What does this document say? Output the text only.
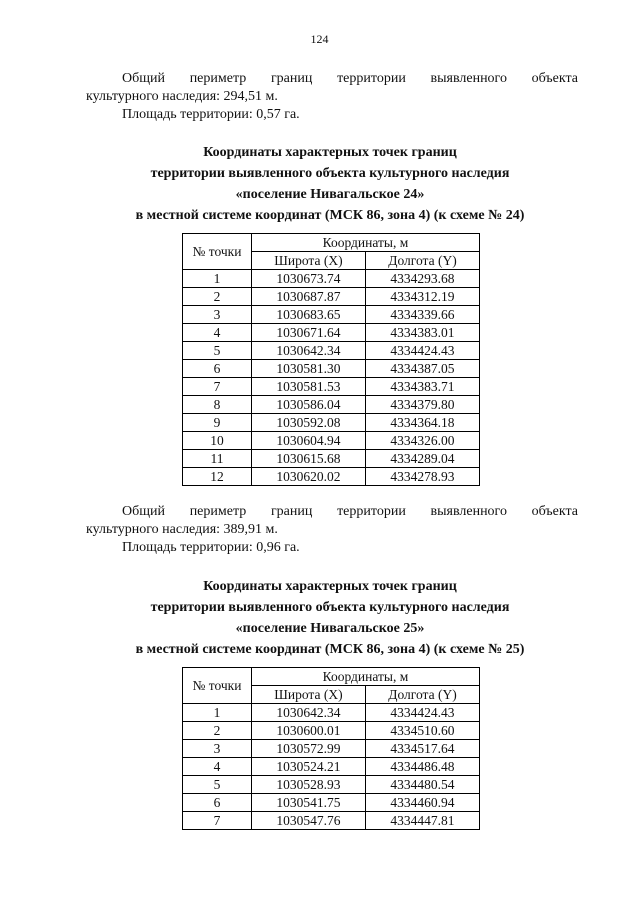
124
Общий периметр границ территории выявленного объекта
культурного наследия: 294,51 м.
Площадь территории: 0,57 га.
Координаты характерных точек границ
территории выявленного объекта культурного наследия
«поселение Нивагальское 24»
в местной системе координат (МСК 86, зона 4) (к схеме № 24)
№ точки	Координаты, м	
	Широта (X)	Долгота (Y)
1	1030673.74	4334293.68
2	1030687.87	4334312.19
3	1030683.65	4334339.66
4	1030671.64	4334383.01
5	1030642.34	4334424.43
6	1030581.30	4334387.05
7	1030581.53	4334383.71
8	1030586.04	4334379.80
9	1030592.08	4334364.18
10	1030604.94	4334326.00
11	1030615.68	4334289.04
12	1030620.02	4334278.93
Общий периметр границ территории выявленного объекта
культурного наследия: 389,91 м.
Площадь территории: 0,96 га.
Координаты характерных точек границ
территории выявленного объекта культурного наследия
«поселение Нивагальское 25»
в местной системе координат (МСК 86, зона 4) (к схеме № 25)
№ точки	Координаты, м	
	Широта (X)	Долгота (Y)
1	1030642.34	4334424.43
2	1030600.01	4334510.60
3	1030572.99	4334517.64
4	1030524.21	4334486.48
5	1030528.93	4334480.54
6	1030541.75	4334460.94
7	1030547.76	4334447.81
